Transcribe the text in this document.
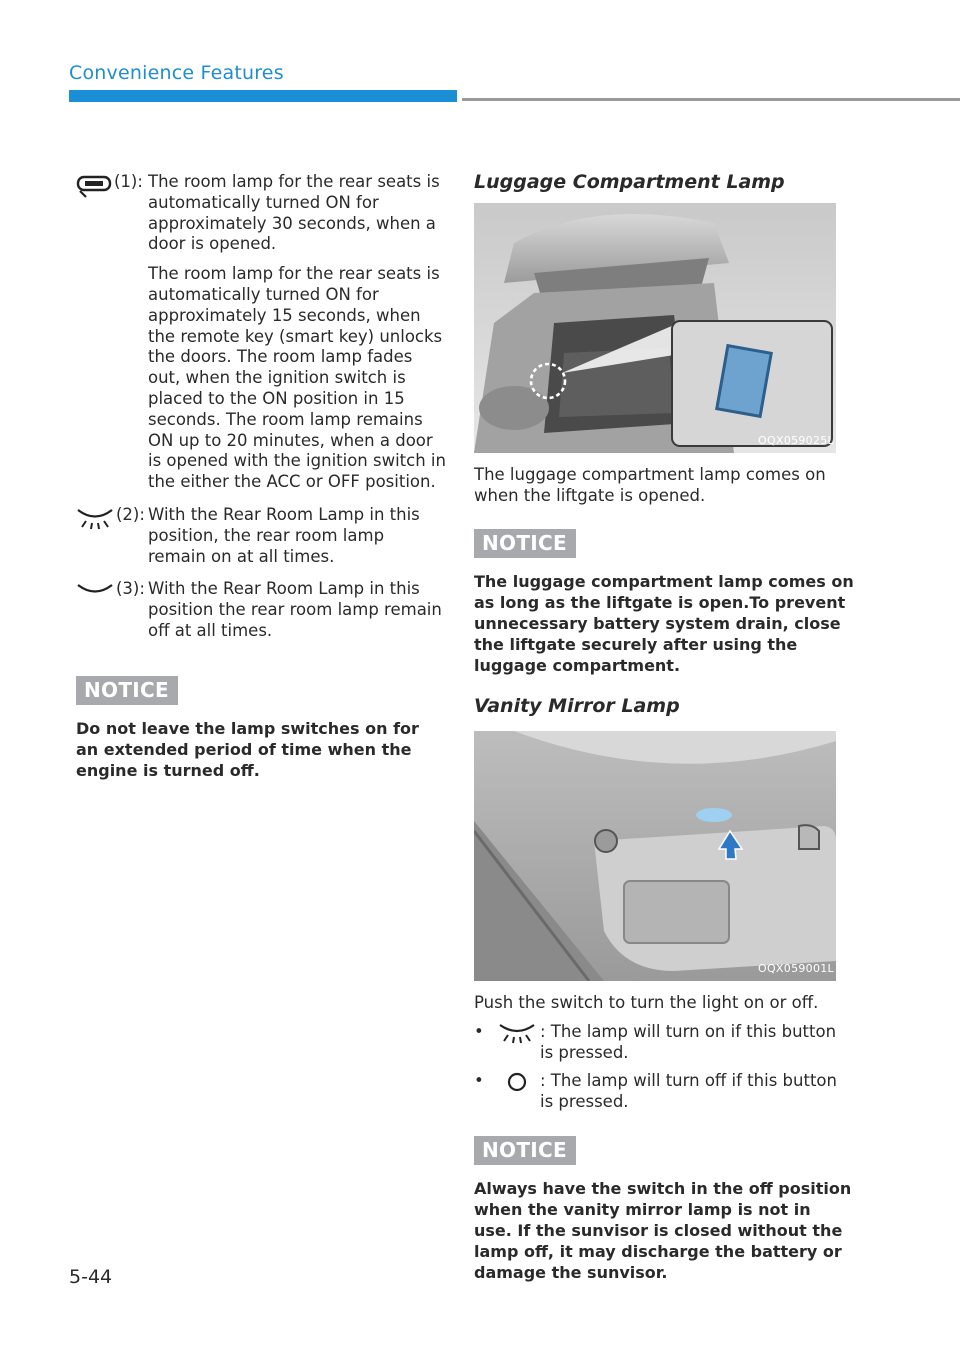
Convenience Features
(1): The room lamp for the rear seats is automatically turned ON for approximately 30 seconds, when a door is opened.

The room lamp for the rear seats is automatically turned ON for approximately 15 seconds, when the remote key (smart key) unlocks the doors. The room lamp fades out, when the ignition switch is placed to the ON position in 15 seconds. The room lamp remains ON up to 20 minutes, when a door is opened with the ignition switch in the either the ACC or OFF position.

(2): With the Rear Room Lamp in this position, the rear room lamp remain on at all times.

(3): With the Rear Room Lamp in this position the rear room lamp remain off at all times.

NOTICE
Do not leave the lamp switches on for an extended period of time when the engine is turned off.
Luggage Compartment Lamp
OQX059025L

The luggage compartment lamp comes on when the liftgate is opened.

NOTICE
The luggage compartment lamp comes on as long as the liftgate is open.To prevent unnecessary battery system drain, close the liftgate securely after using the luggage compartment.
Vanity Mirror Lamp
OQX059001L

Push the switch to turn the light on or off.

•	: The lamp will turn on if this button is pressed.
•	: The lamp will turn off if this button is pressed.
NOTICE
Always have the switch in the off position when the vanity mirror lamp is not in use. If the sunvisor is closed without the lamp off, it may discharge the battery or damage the sunvisor.
5-44
